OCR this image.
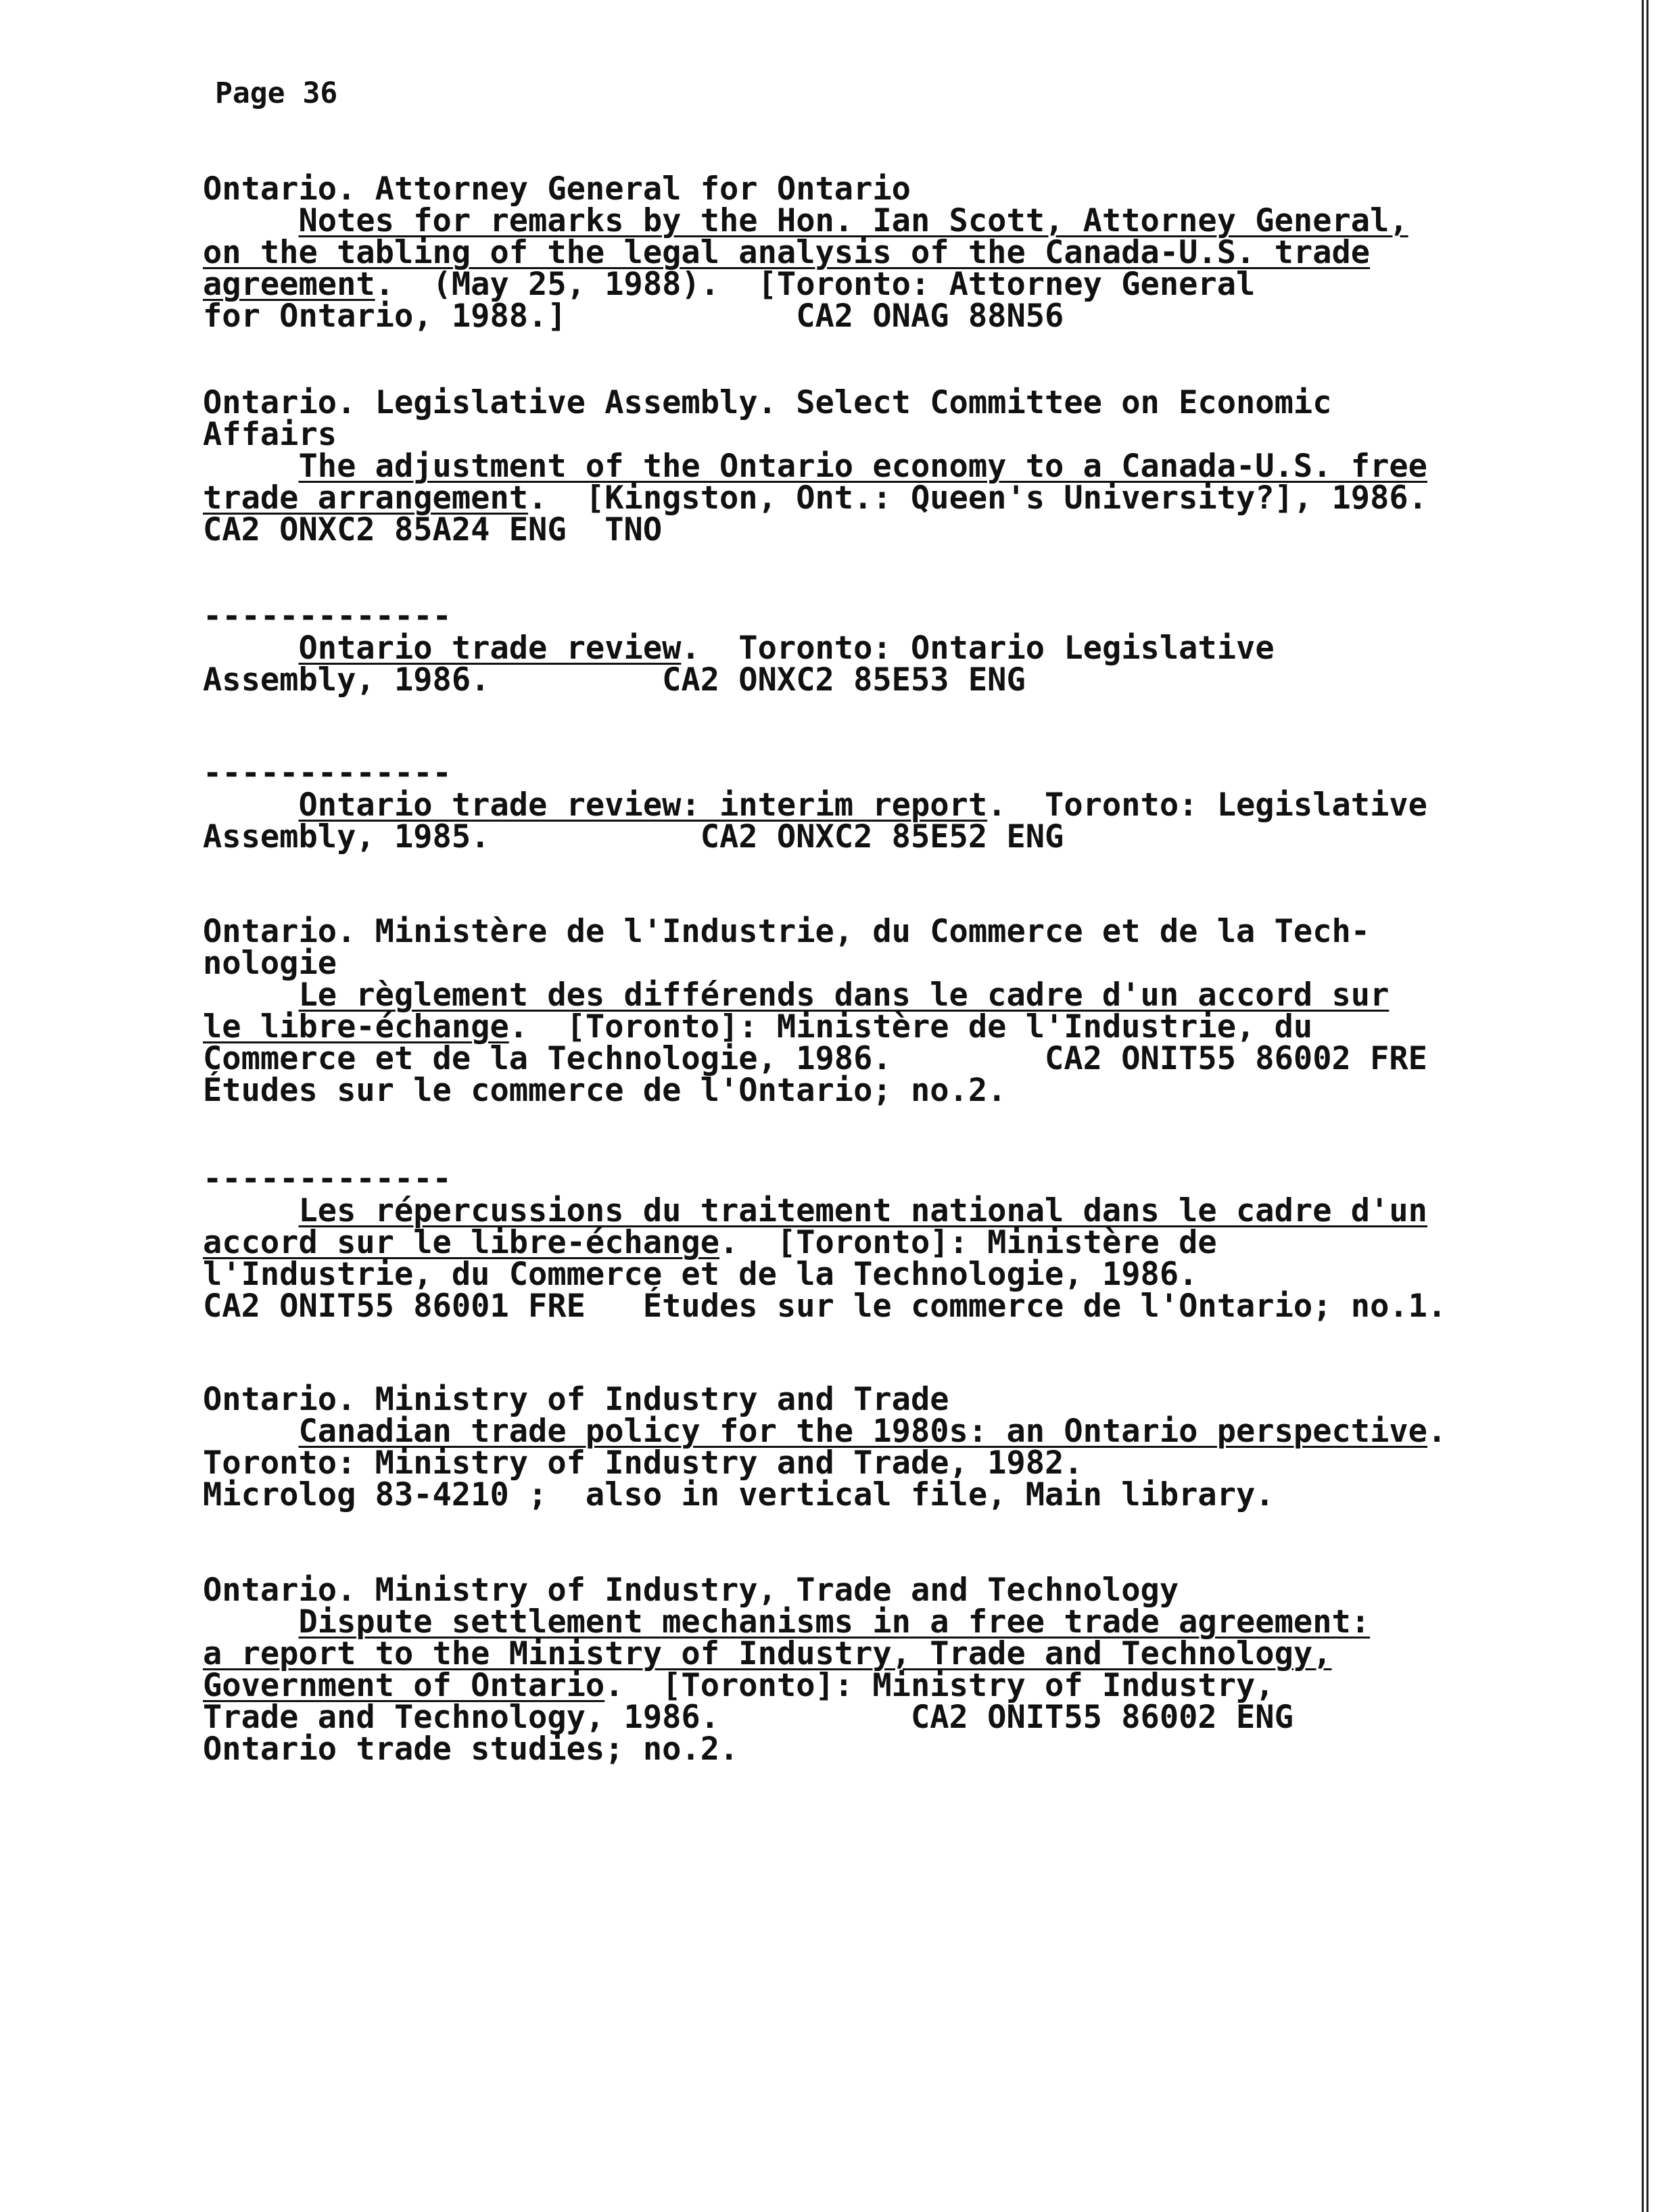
Page 36
Ontario. Attorney General for Ontario
Notes for remarks by the Hon. Ian Scott, Attorney General,
on the tabling of the legal analysis of the Canada-U.S. trade
agreement.  (May 25, 1988).  [Toronto: Attorney General
for Ontario, 1988.]            CA2 ONAG 88N56
Ontario. Legislative Assembly. Select Committee on Economic
Affairs
The adjustment of the Ontario economy to a Canada-U.S. free
trade arrangement.  [Kingston, Ont.: Queen's University?], 1986.
CA2 ONXC2 85A24 ENG  TNO
-------------
Ontario trade review.  Toronto: Ontario Legislative
Assembly, 1986.         CA2 ONXC2 85E53 ENG
-------------
Ontario trade review: interim report.  Toronto: Legislative
Assembly, 1985.           CA2 ONXC2 85E52 ENG
Ontario. Ministère de l'Industrie, du Commerce et de la Tech-
nologie
Le règlement des différends dans le cadre d'un accord sur
le libre-échange.  [Toronto]: Ministère de l'Industrie, du
Commerce et de la Technologie, 1986.        CA2 ONIT55 86002 FRE
Études sur le commerce de l'Ontario; no.2.
-------------
Les répercussions du traitement national dans le cadre d'un
accord sur le libre-échange.  [Toronto]: Ministère de
l'Industrie, du Commerce et de la Technologie, 1986.
CA2 ONIT55 86001 FRE   Études sur le commerce de l'Ontario; no.1.
Ontario. Ministry of Industry and Trade
Canadian trade policy for the 1980s: an Ontario perspective.
Toronto: Ministry of Industry and Trade, 1982.
Microlog 83-4210 ;  also in vertical file, Main library.
Ontario. Ministry of Industry, Trade and Technology
Dispute settlement mechanisms in a free trade agreement:
a report to the Ministry of Industry, Trade and Technology,
Government of Ontario.  [Toronto]: Ministry of Industry,
Trade and Technology, 1986.          CA2 ONIT55 86002 ENG
Ontario trade studies; no.2.
